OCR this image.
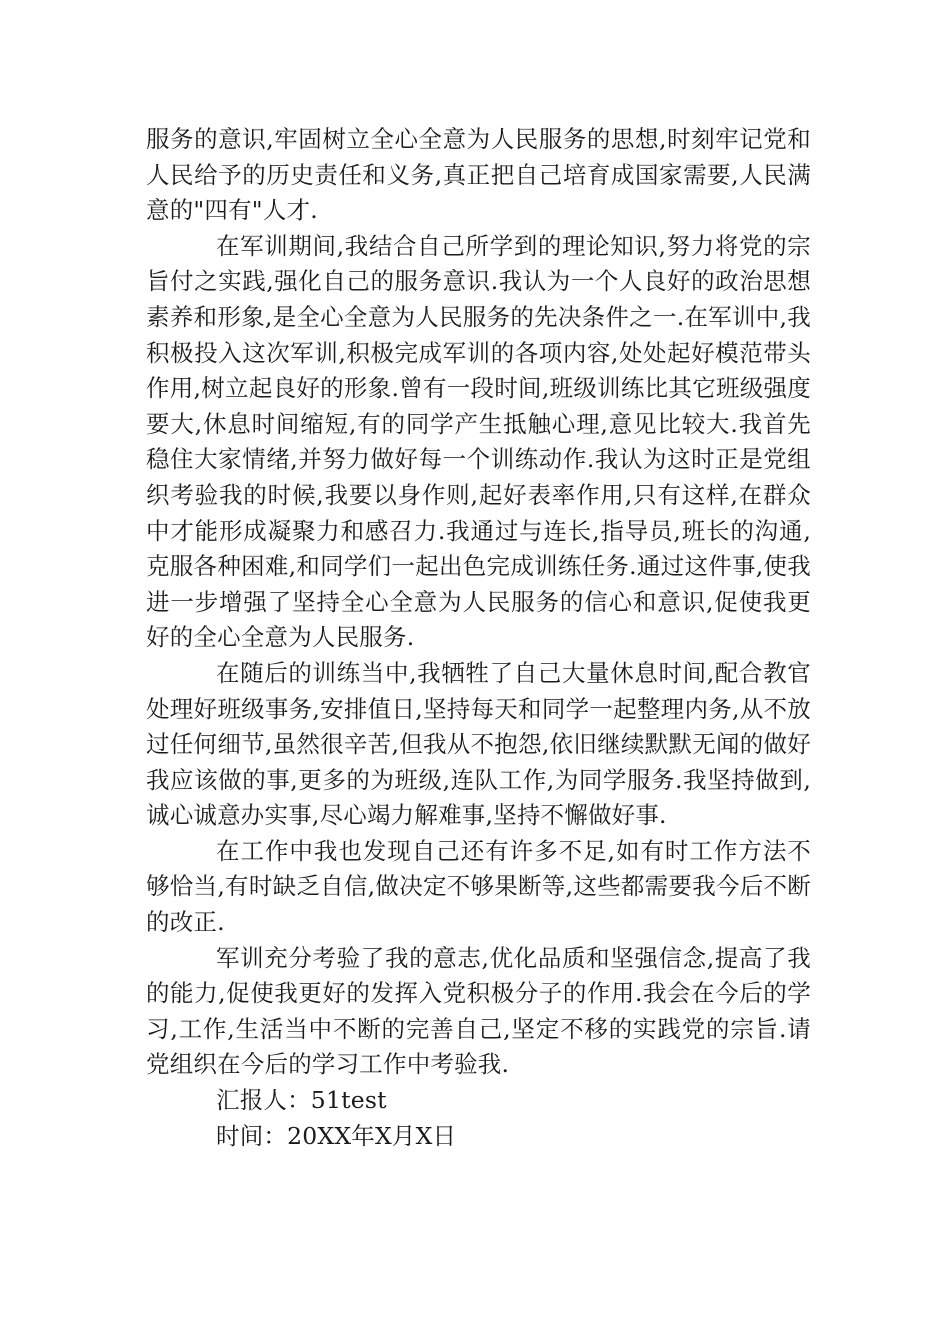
服务的意识,牢固树立全心全意为人民服务的思想,时刻牢记党和人民给予的历史责任和义务,真正把自己培育成国家需要,人民满意的"四有"人才.

在军训期间,我结合自己所学到的理论知识,努力将党的宗旨付之实践,强化自己的服务意识.我认为一个人良好的政治思想素养和形象,是全心全意为人民服务的先决条件之一.在军训中,我积极投入这次军训,积极完成军训的各项内容,处处起好模范带头作用,树立起良好的形象.曾有一段时间,班级训练比其它班级强度要大,休息时间缩短,有的同学产生抵触心理,意见比较大.我首先稳住大家情绪,并努力做好每一个训练动作.我认为这时正是党组织考验我的时候,我要以身作则,起好表率作用,只有这样,在群众中才能形成凝聚力和感召力.我通过与连长,指导员,班长的沟通,克服各种困难,和同学们一起出色完成训练任务.通过这件事,使我进一步增强了坚持全心全意为人民服务的信心和意识,促使我更好的全心全意为人民服务.

在随后的训练当中,我牺牲了自己大量休息时间,配合教官处理好班级事务,安排值日,坚持每天和同学一起整理内务,从不放过任何细节,虽然很辛苦,但我从不抱怨,依旧继续默默无闻的做好我应该做的事,更多的为班级,连队工作,为同学服务.我坚持做到,诚心诚意办实事,尽心竭力解难事,坚持不懈做好事.

在工作中我也发现自己还有许多不足,如有时工作方法不够恰当,有时缺乏自信,做决定不够果断等,这些都需要我今后不断的改正.

军训充分考验了我的意志,优化品质和坚强信念,提高了我的能力,促使我更好的发挥入党积极分子的作用.我会在今后的学习,工作,生活当中不断的完善自己,坚定不移的实践党的宗旨.请党组织在今后的学习工作中考验我.

汇报人：51test

时间：20XX年X月X日
